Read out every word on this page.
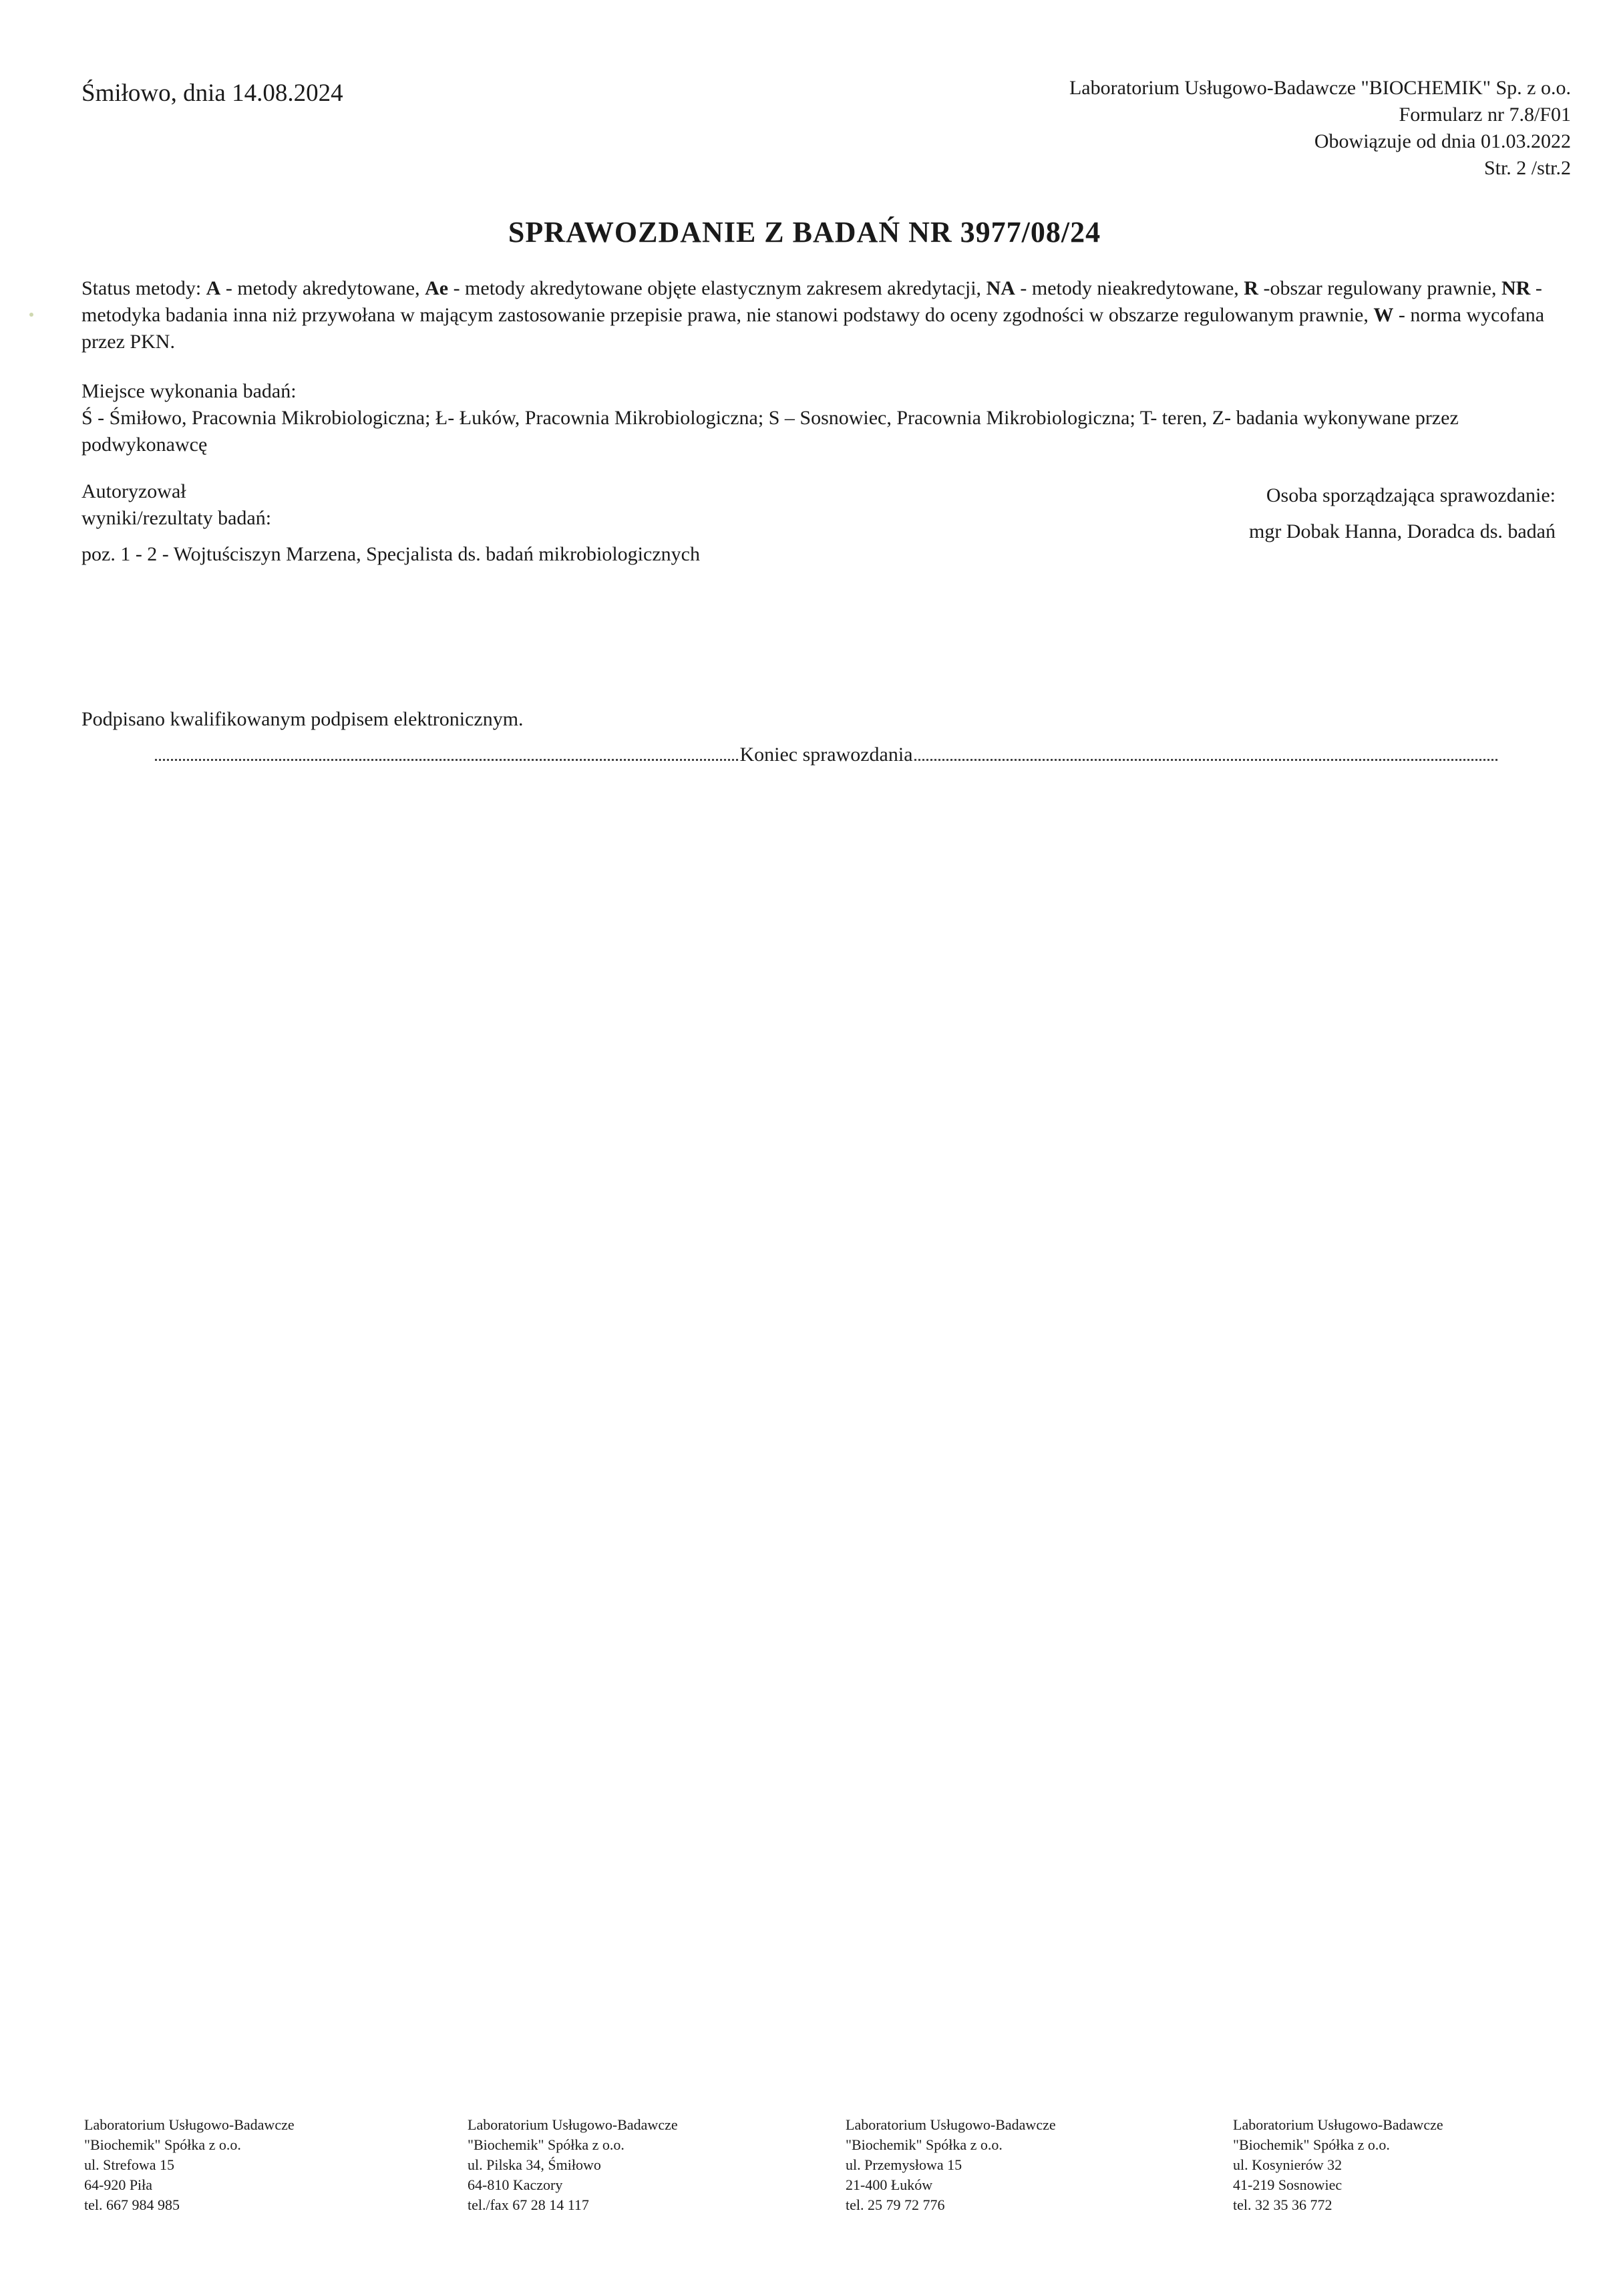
Śmiłowo, dnia 14.08.2024	Laboratorium Usługowo-Badawcze "BIOCHEMIK" Sp. z o.o.
Formularz nr 7.8/F01
Obowiązuje od dnia 01.03.2022
Str. 2 /str.2
SPRAWOZDANIE Z BADAŃ NR 3977/08/24
Status metody: A - metody akredytowane, Ae - metody akredytowane objęte elastycznym zakresem akredytacji, NA - metody nieakredytowane, R -obszar regulowany prawnie, NR - metodyka badania inna niż przywołana w mającym zastosowanie przepisie prawa, nie stanowi podstawy do oceny zgodności w obszarze regulowanym prawnie, W - norma wycofana przez PKN.
Miejsce wykonania badań:
Ś - Śmiłowo, Pracownia Mikrobiologiczna; Ł- Łuków, Pracownia Mikrobiologiczna; S – Sosnowiec, Pracownia Mikrobiologiczna; T- teren, Z- badania wykonywane przez podwykonawcę
Autoryzował
wyniki/rezultaty badań:
poz. 1 - 2 - Wojtuściszyn Marzena, Specjalista ds. badań mikrobiologicznych
Osoba sporządzająca sprawozdanie:
mgr Dobak Hanna, Doradca ds. badań
Podpisano kwalifikowanym podpisem elektronicznym.
Koniec sprawozdania
Laboratorium Usługowo-Badawcze
"Biochemik" Spółka z o.o.
ul. Strefowa 15
64-920 Piła
tel. 667 984 985
Laboratorium Usługowo-Badawcze
"Biochemik" Spółka z o.o.
ul. Pilska 34, Śmiłowo
64-810 Kaczory
tel./fax 67 28 14 117
Laboratorium Usługowo-Badawcze
"Biochemik" Spółka z o.o.
ul. Przemysłowa 15
21-400 Łuków
tel. 25 79 72 776
Laboratorium Usługowo-Badawcze
"Biochemik" Spółka z o.o.
ul. Kosynierów 32
41-219 Sosnowiec
tel. 32 35 36 772
